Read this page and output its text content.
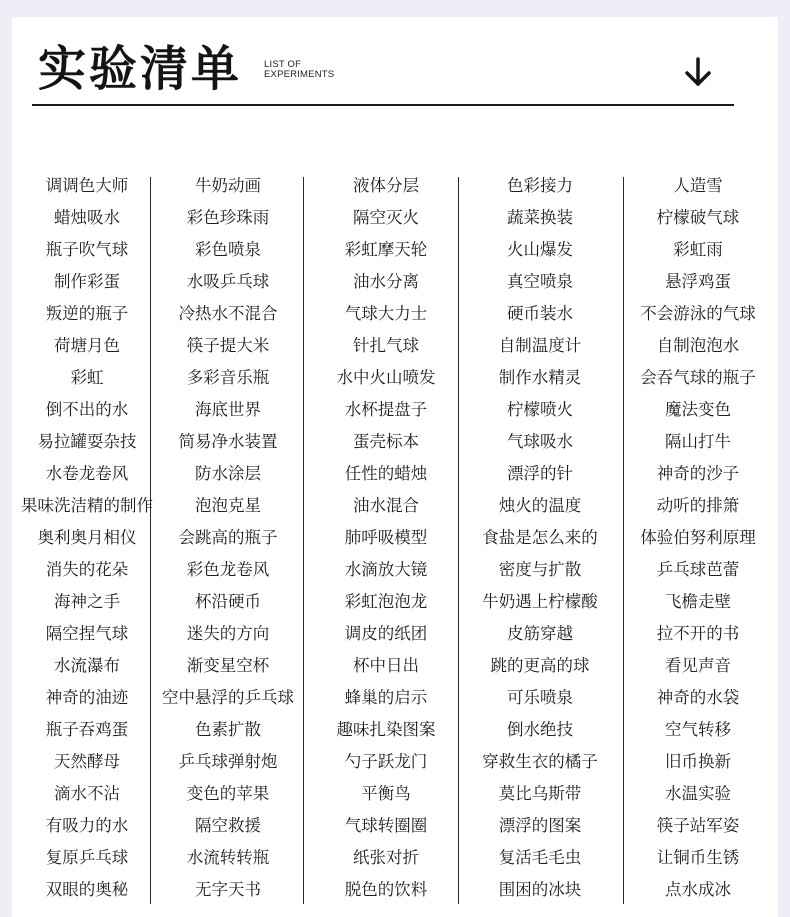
实验清单 LIST OF
EXPERIMENTS
调调色大师
蜡烛吸水
瓶子吹气球
制作彩蛋
叛逆的瓶子
荷塘月色
彩虹
倒不出的水
易拉罐耍杂技
水卷龙卷风
果味洗洁精的制作
奥利奥月相仪
消失的花朵
海神之手
隔空捏气球
水流瀑布
神奇的油迹
瓶子吞鸡蛋
天然酵母
滴水不沾
有吸力的水
复原乒乓球
双眼的奥秘
牛奶动画
彩色珍珠雨
彩色喷泉
水吸乒乓球
冷热水不混合
筷子提大米
多彩音乐瓶
海底世界
简易净水装置
防水涂层
泡泡克星
会跳高的瓶子
彩色龙卷风
杯沿硬币
迷失的方向
渐变星空杯
空中悬浮的乒乓球
色素扩散
乒乓球弹射炮
变色的苹果
隔空救援
水流转转瓶
无字天书
液体分层
隔空灭火
彩虹摩天轮
油水分离
气球大力士
针扎气球
水中火山喷发
水杯提盘子
蛋壳标本
任性的蜡烛
油水混合
肺呼吸模型
水滴放大镜
彩虹泡泡龙
调皮的纸团
杯中日出
蜂巢的启示
趣味扎染图案
勺子跃龙门
平衡鸟
气球转圈圈
纸张对折
脱色的饮料
色彩接力
蔬菜换装
火山爆发
真空喷泉
硬币装水
自制温度计
制作水精灵
柠檬喷火
气球吸水
漂浮的针
烛火的温度
食盐是怎么来的
密度与扩散
牛奶遇上柠檬酸
皮筋穿越
跳的更高的球
可乐喷泉
倒水绝技
穿救生衣的橘子
莫比乌斯带
漂浮的图案
复活毛毛虫
围困的冰块
人造雪
柠檬破气球
彩虹雨
悬浮鸡蛋
不会游泳的气球
自制泡泡水
会吞气球的瓶子
魔法变色
隔山打牛
神奇的沙子
动听的排箫
体验伯努利原理
乒乓球芭蕾
飞檐走壁
拉不开的书
看见声音
神奇的水袋
空气转移
旧币换新
水温实验
筷子站军姿
让铜币生锈
点水成冰
